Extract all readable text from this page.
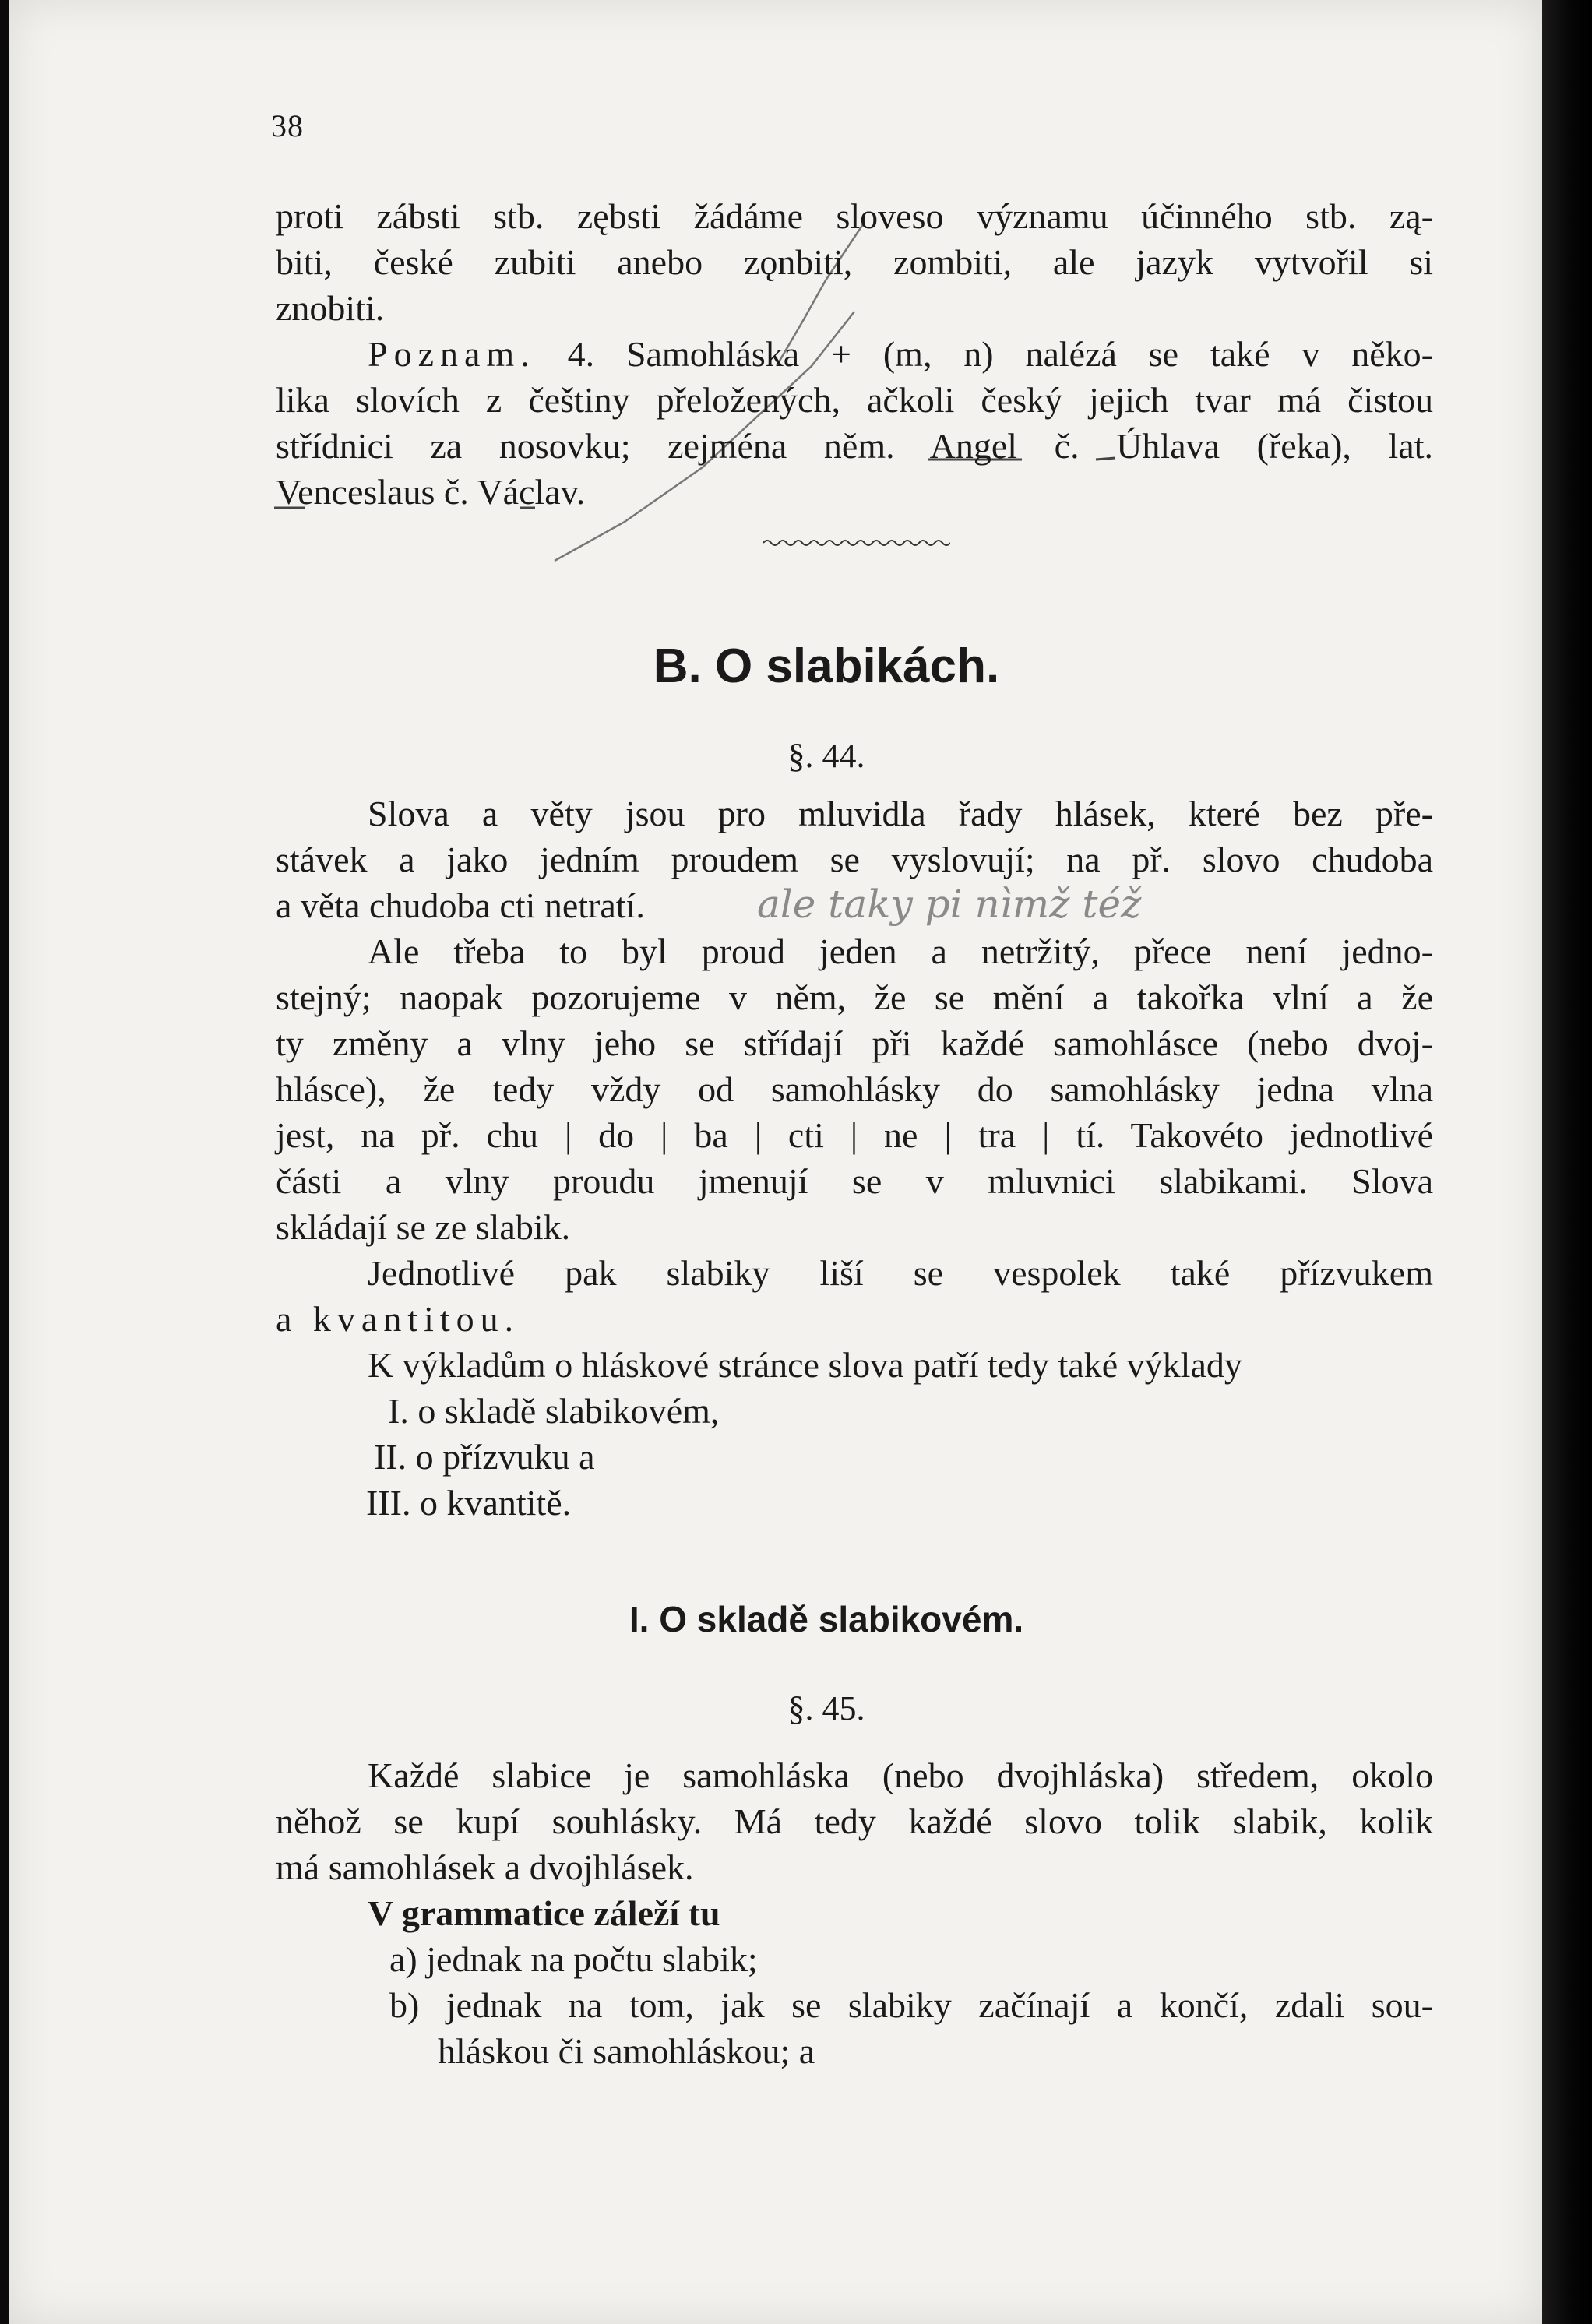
38
proti zábsti stb. zębsti žádáme sloveso významu účinného stb. zą-
biti, české zubiti anebo zǫnbiti, zombiti, ale jazyk vytvořil si
znobiti.
Poznam. 4. Samohláska + (m, n) nalézá se také v něko-
lika slovích z češtiny přeložených, ačkoli český jejich tvar má čistou
střídnici za nosovku; zejména něm. Angel č. Úhlava (řeka), lat.
Venceslaus č. Václav.
B. O slabikách.
§. 44.
Slova a věty jsou pro mluvidla řady hlásek, které bez pře-
stávek a jako jedním proudem se vyslovují; na př. slovo chudoba
a věta chudoba cti netratí.	ale taky pi nìmž též
Ale třeba to byl proud jeden a netržitý, přece není jedno-
stejný; naopak pozorujeme v něm, že se mění a takořka vlní a že
ty změny a vlny jeho se střídají při každé samohlásce (nebo dvoj-
hlásce), že tedy vždy od samohlásky do samohlásky jedna vlna
jest, na př. chu | do | ba | cti | ne | tra | tí. Takovéto jednotlivé
části a vlny proudu jmenují se v mluvnici slabikami. Slova
skládají se ze slabik.
Jednotlivé pak slabiky liší se vespolek také přízvukem
a kvantitou.
K výkladům o hláskové stránce slova patří tedy také výklady
I. o skladě slabikovém,
II. o přízvuku a
III. o kvantitě.
I. O skladě slabikovém.
§. 45.
Každé slabice je samohláska (nebo dvojhláska) středem, okolo
něhož se kupí souhlásky. Má tedy každé slovo tolik slabik, kolik
má samohlásek a dvojhlásek.
V grammatice záleží tu
a) jednak na počtu slabik;
b) jednak na tom, jak se slabiky začínají a končí, zdali sou-
hláskou či samohláskou; a
